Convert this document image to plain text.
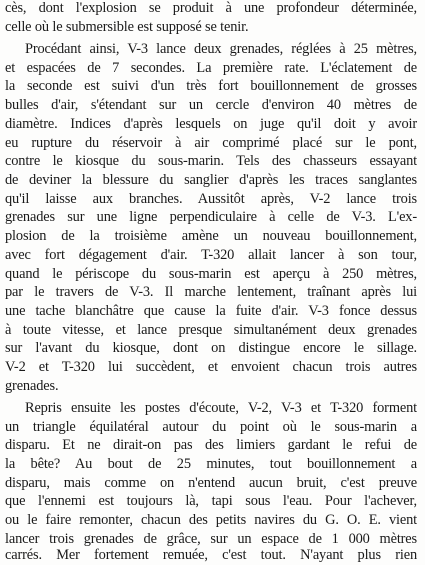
cès, dont l'explosion se produit à une profondeur déterminée,
celle où le submersible est supposé se tenir.
Procédant ainsi, V-3 lance deux grenades, réglées à 25 mètres,
et espacées de 7 secondes. La première rate. L'éclatement de
la seconde est suivi d'un très fort bouillonnement de grosses
bulles d'air, s'étendant sur un cercle d'environ 40 mètres de
diamètre. Indices d'après lesquels on juge qu'il doit y avoir
eu rupture du réservoir à air comprimé placé sur le pont,
contre le kiosque du sous-marin. Tels des chasseurs essayant
de deviner la blessure du sanglier d'après les traces sanglantes
qu'il laisse aux branches. Aussitôt après, V-2 lance trois
grenades sur une ligne perpendiculaire à celle de V-3. L'ex-
plosion de la troisième amène un nouveau bouillonnement,
avec fort dégagement d'air. T-320 allait lancer à son tour,
quand le périscope du sous-marin est aperçu à 250 mètres,
par le travers de V-3. Il marche lentement, traînant après lui
une tache blanchâtre que cause la fuite d'air. V-3 fonce dessus
à toute vitesse, et lance presque simultanément deux grenades
sur l'avant du kiosque, dont on distingue encore le sillage.
V-2 et T-320 lui succèdent, et envoient chacun trois autres
grenades.
Repris ensuite les postes d'écoute, V-2, V-3 et T-320 forment
un triangle équilatéral autour du point où le sous-marin a
disparu. Et ne dirait-on pas des limiers gardant le refui de
la bête? Au bout de 25 minutes, tout bouillonnement a
disparu, mais comme on n'entend aucun bruit, c'est preuve
que l'ennemi est toujours là, tapi sous l'eau. Pour l'achever,
ou le faire remonter, chacun des petits navires du G. O. E. vient
lancer trois grenades de grâce, sur un espace de 1 000 mètres
carrés. Mer fortement remuée, c'est tout. N'ayant plus rien
